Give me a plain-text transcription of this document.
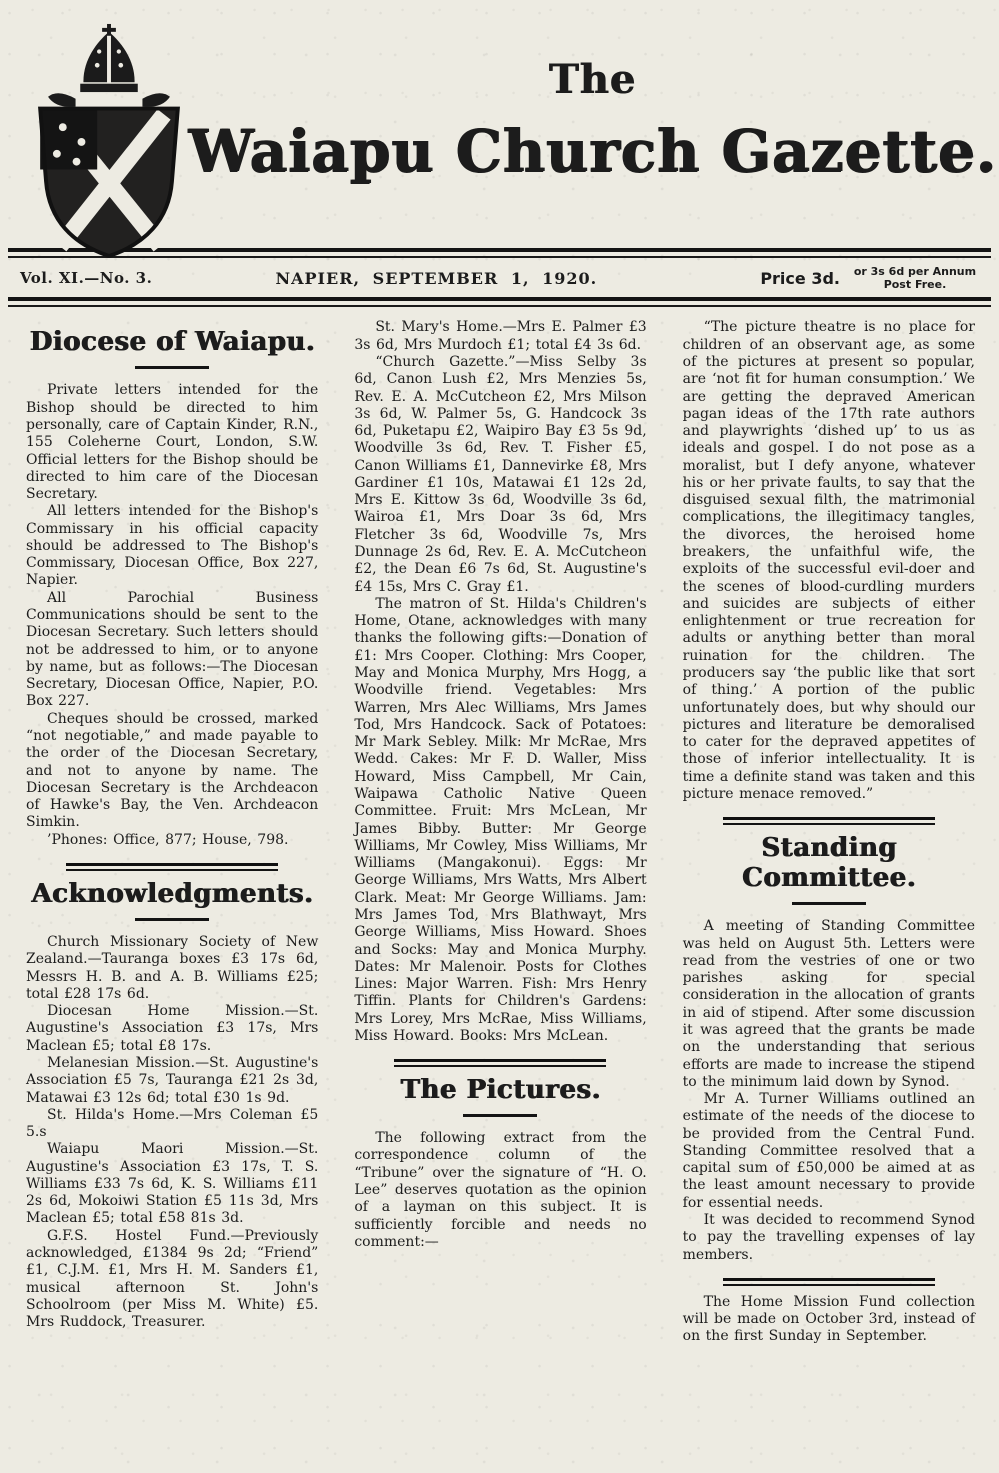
The
Waiapu Church Gazette.
Vol. XI.—No. 3.	NAPIER, SEPTEMBER 1, 1920.	Price 3d.	or 3s 6d per Annum Post Free.
Diocese of Waiapu.

Private letters intended for the Bishop should be directed to him personally, care of Captain Kinder, R.N., 155 Coleherne Court, London, S.W. Official letters for the Bishop should be directed to him care of the Diocesan Secretary.

All letters intended for the Bishop's Commissary in his official capacity should be addressed to The Bishop's Commissary, Diocesan Office, Box 227, Napier.

All Parochial Business Communications should be sent to the Diocesan Secretary. Such letters should not be addressed to him, or to anyone by name, but as follows:—The Diocesan Secretary, Diocesan Office, Napier, P.O. Box 227.

Cheques should be crossed, marked “not negotiable,” and made payable to the order of the Diocesan Secretary, and not to anyone by name. The Diocesan Secretary is the Archdeacon of Hawke's Bay, the Ven. Archdeacon Simkin.

’Phones: Office, 877; House, 798.

Acknowledgments.

Church Missionary Society of New Zealand.—Tauranga boxes £3 17s 6d, Messrs H. B. and A. B. Williams £25; total £28 17s 6d.

Diocesan Home Mission.—St. Augustine's Association £3 17s, Mrs Maclean £5; total £8 17s.

Melanesian Mission.—St. Augustine's Association £5 7s, Tauranga £21 2s 3d, Matawai £3 12s 6d; total £30 1s 9d.

St. Hilda's Home.—Mrs Coleman £5 5.s

Waiapu Maori Mission.—St. Augustine's Association £3 17s, T. S. Williams £33 7s 6d, K. S. Williams £11 2s 6d, Mokoiwi Station £5 11s 3d, Mrs Maclean £5; total £58 81s 3d.

G.F.S. Hostel Fund.—Previously acknowledged, £1384 9s 2d; “Friend” £1, C.J.M. £1, Mrs H. M. Sanders £1, musical afternoon St. John's Schoolroom (per Miss M. White) £5. Mrs Ruddock, Treasurer.

St. Mary's Home.—Mrs E. Palmer £3 3s 6d, Mrs Murdoch £1; total £4 3s 6d.

“Church Gazette.”—Miss Selby 3s 6d, Canon Lush £2, Mrs Menzies 5s, Rev. E. A. McCutcheon £2, Mrs Milson 3s 6d, W. Palmer 5s, G. Handcock 3s 6d, Puketapu £2, Waipiro Bay £3 5s 9d, Woodville 3s 6d, Rev. T. Fisher £5, Canon Williams £1, Dannevirke £8, Mrs Gardiner £1 10s, Matawai £1 12s 2d, Mrs E. Kittow 3s 6d, Woodville 3s 6d, Wairoa £1, Mrs Doar 3s 6d, Mrs Fletcher 3s 6d, Woodville 7s, Mrs Dunnage 2s 6d, Rev. E. A. McCutcheon £2, the Dean £6 7s 6d, St. Augustine's £4 15s, Mrs C. Gray £1.

The matron of St. Hilda's Children's Home, Otane, acknowledges with many thanks the following gifts:—Donation of £1: Mrs Cooper. Clothing: Mrs Cooper, May and Monica Murphy, Mrs Hogg, a Woodville friend. Vegetables: Mrs Warren, Mrs Alec Williams, Mrs James Tod, Mrs Handcock. Sack of Potatoes: Mr Mark Sebley. Milk: Mr McRae, Mrs Wedd. Cakes: Mr F. D. Waller, Miss Howard, Miss Campbell, Mr Cain, Waipawa Catholic Native Queen Committee. Fruit: Mrs McLean, Mr James Bibby. Butter: Mr George Williams, Mr Cowley, Miss Williams, Mr Williams (Mangakonui). Eggs: Mr George Williams, Mrs Watts, Mrs Albert Clark. Meat: Mr George Williams. Jam: Mrs James Tod, Mrs Blathwayt, Mrs George Williams, Miss Howard. Shoes and Socks: May and Monica Murphy. Dates: Mr Malenoir. Posts for Clothes Lines: Major Warren. Fish: Mrs Henry Tiffin. Plants for Children's Gardens: Mrs Lorey, Mrs McRae, Miss Williams, Miss Howard. Books: Mrs McLean.

The Pictures.

The following extract from the correspondence column of the “Tribune” over the signature of “H. O. Lee” deserves quotation as the opinion of a layman on this subject. It is sufficiently forcible and needs no comment:—

“The picture theatre is no place for children of an observant age, as some of the pictures at present so popular, are ‘not fit for human consumption.’ We are getting the depraved American pagan ideas of the 17th rate authors and playwrights ‘dished up’ to us as ideals and gospel. I do not pose as a moralist, but I defy anyone, whatever his or her private faults, to say that the disguised sexual filth, the matrimonial complications, the illegitimacy tangles, the divorces, the heroised home breakers, the unfaithful wife, the exploits of the successful evil-doer and the scenes of blood-curdling murders and suicides are subjects of either enlightenment or true recreation for adults or anything better than moral ruination for the children. The producers say ‘the public like that sort of thing.’ A portion of the public unfortunately does, but why should our pictures and literature be demoralised to cater for the depraved appetites of those of inferior intellectuality. It is time a definite stand was taken and this picture menace removed.”

Standing Committee.

A meeting of Standing Committee was held on August 5th. Letters were read from the vestries of one or two parishes asking for special consideration in the allocation of grants in aid of stipend. After some discussion it was agreed that the grants be made on the understanding that serious efforts are made to increase the stipend to the minimum laid down by Synod.

Mr A. Turner Williams outlined an estimate of the needs of the diocese to be provided from the Central Fund. Standing Committee resolved that a capital sum of £50,000 be aimed at as the least amount necessary to provide for essential needs.

It was decided to recommend Synod to pay the travelling expenses of lay members.

The Home Mission Fund collection will be made on October 3rd, instead of on the first Sunday in September.
